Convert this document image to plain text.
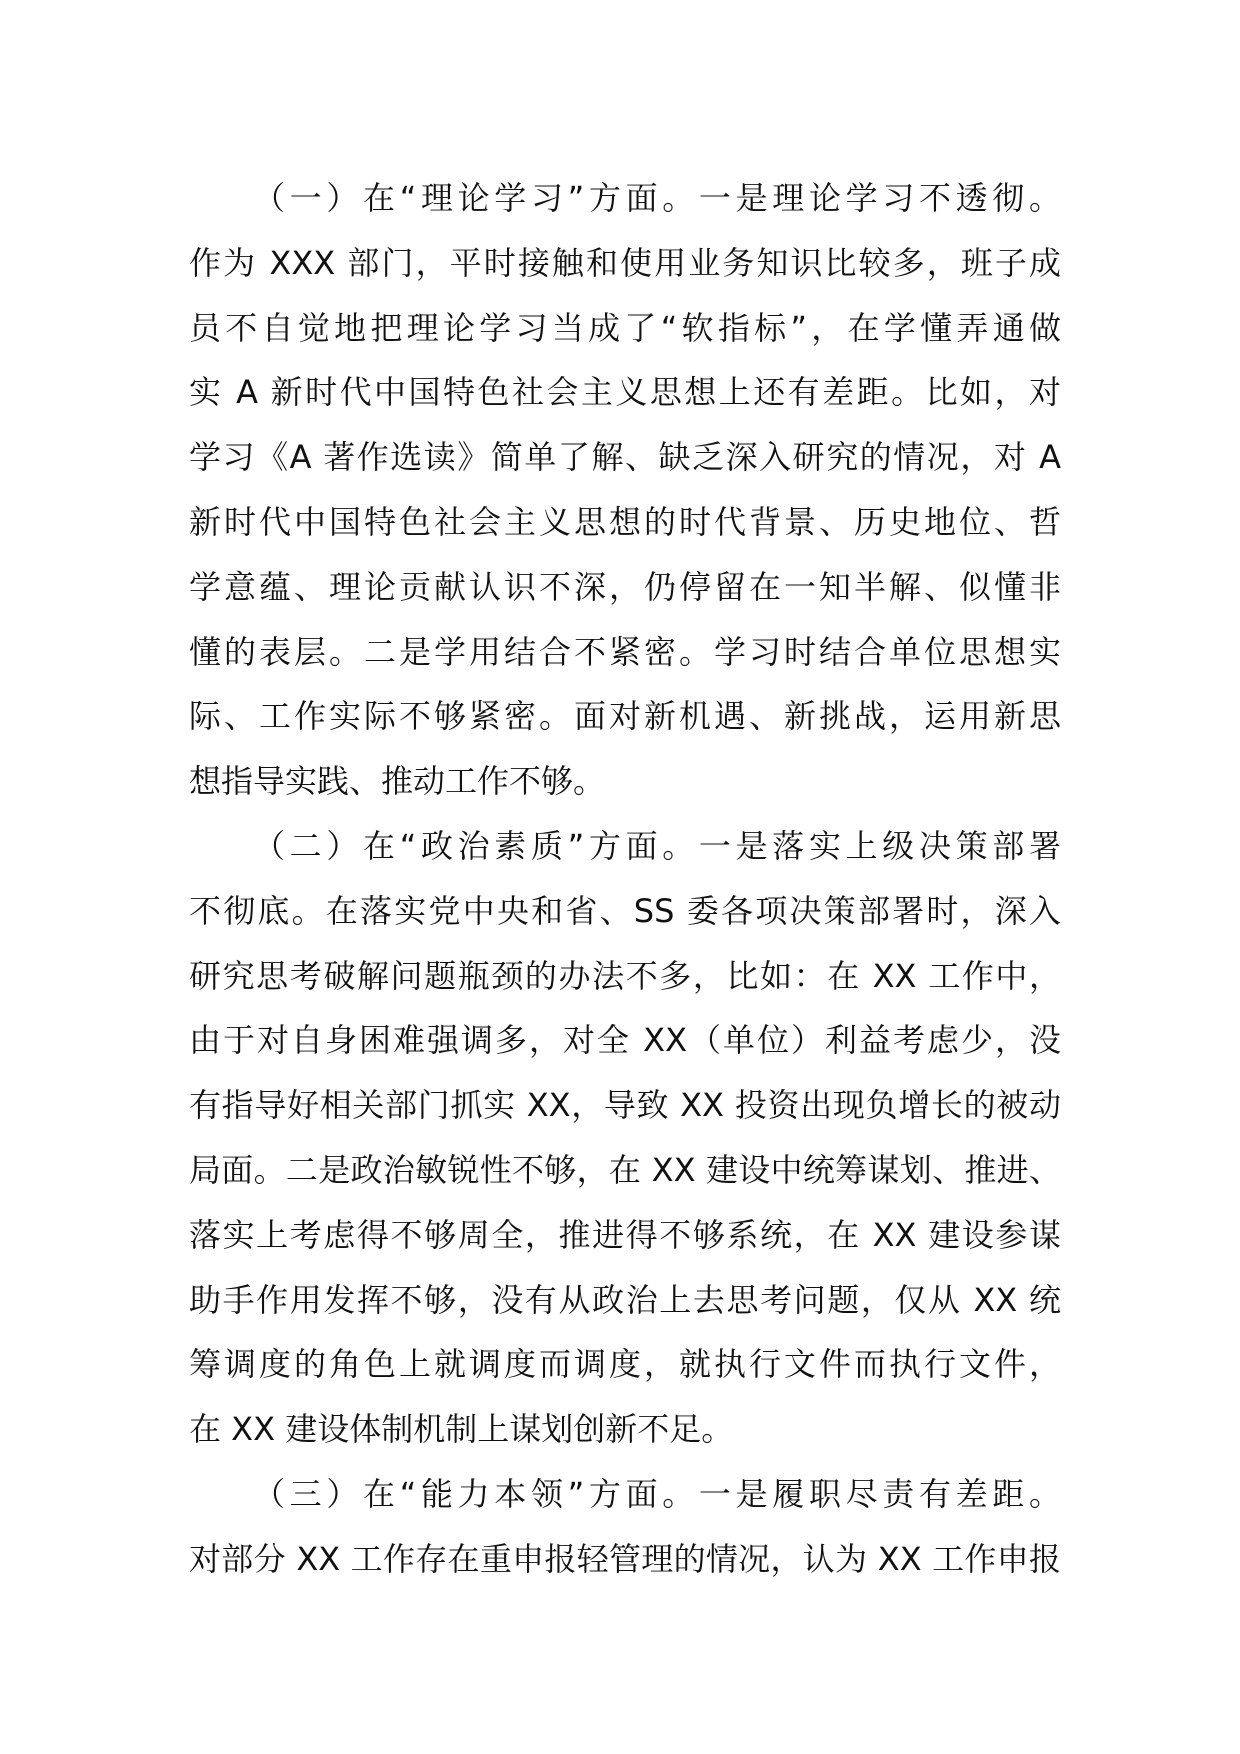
（一）在“理论学习”方面。一是理论学习不透彻。
作为 XXX 部门，平时接触和使用业务知识比较多，班子成
员不自觉地把理论学习当成了“软指标”，在学懂弄通做
实 A 新时代中国特色社会主义思想上还有差距。比如，对
学习《A 著作选读》简单了解、缺乏深入研究的情况，对 A
新时代中国特色社会主义思想的时代背景、历史地位、哲
学意蕴、理论贡献认识不深，仍停留在一知半解、似懂非
懂的表层。二是学用结合不紧密。学习时结合单位思想实
际、工作实际不够紧密。面对新机遇、新挑战，运用新思
想指导实践、推动工作不够。
（二）在“政治素质”方面。一是落实上级决策部署
不彻底。在落实党中央和省、SS 委各项决策部署时，深入
研究思考破解问题瓶颈的办法不多，比如：在 XX 工作中，
由于对自身困难强调多，对全 XX（单位）利益考虑少，没
有指导好相关部门抓实 XX，导致 XX 投资出现负增长的被动
局面。二是政治敏锐性不够，在 XX 建设中统筹谋划、推进、
落实上考虑得不够周全，推进得不够系统，在 XX 建设参谋
助手作用发挥不够，没有从政治上去思考问题，仅从 XX 统
筹调度的角色上就调度而调度，就执行文件而执行文件，
在 XX 建设体制机制上谋划创新不足。
（三）在“能力本领”方面。一是履职尽责有差距。
对部分 XX 工作存在重申报轻管理的情况，认为 XX 工作申报
